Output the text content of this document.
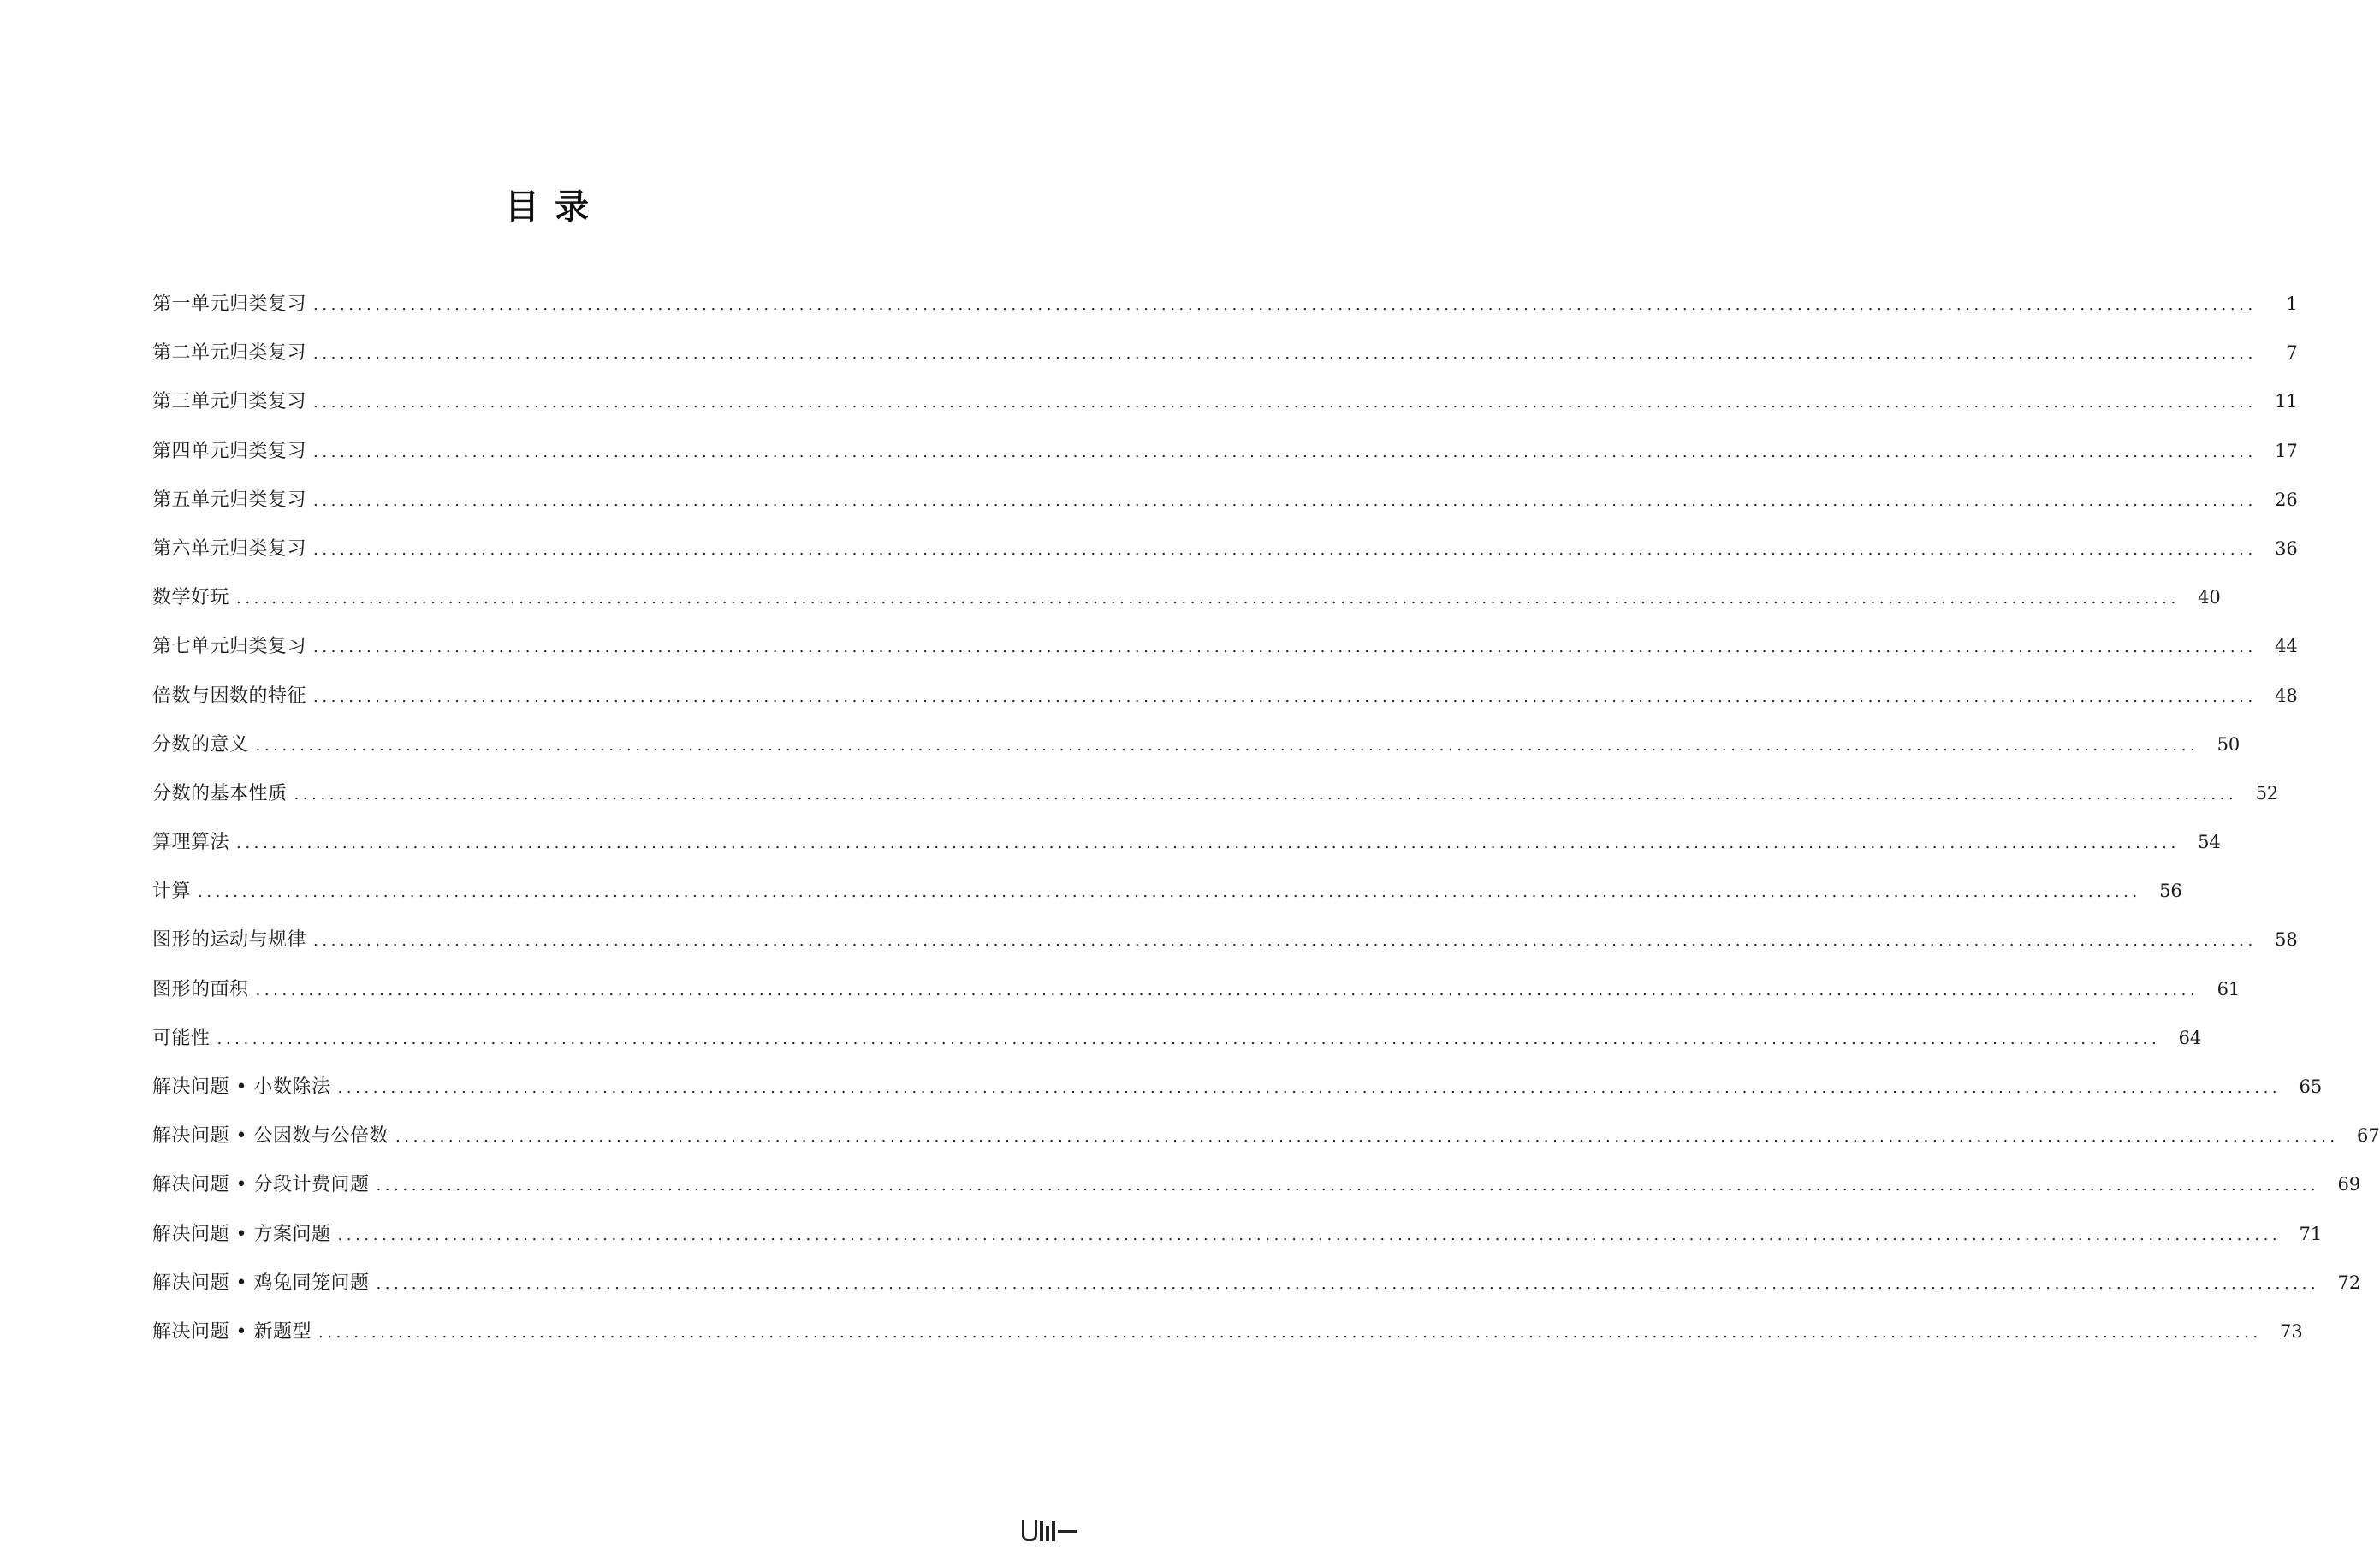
目 录
第一单元归类复习 ............................................................................................................................................................................................................................	1
第二单元归类复习 ............................................................................................................................................................................................................................	7
第三单元归类复习 ............................................................................................................................................................................................................................	11
第四单元归类复习 ............................................................................................................................................................................................................................	17
第五单元归类复习 ............................................................................................................................................................................................................................	26
第六单元归类复习 ............................................................................................................................................................................................................................	36
数学好玩 ............................................................................................................................................................................................................................	40
第七单元归类复习 ............................................................................................................................................................................................................................	44
倍数与因数的特征 ............................................................................................................................................................................................................................	48
分数的意义 ............................................................................................................................................................................................................................	50
分数的基本性质 ............................................................................................................................................................................................................................	52
算理算法 ............................................................................................................................................................................................................................	54
计算 ............................................................................................................................................................................................................................	56
图形的运动与规律 ............................................................................................................................................................................................................................	58
图形的面积 ............................................................................................................................................................................................................................	61
可能性 ............................................................................................................................................................................................................................	64
解决问题 • 小数除法 ............................................................................................................................................................................................................................	65
解决问题 • 公因数与公倍数 ............................................................................................................................................................................................................................	67
解决问题 • 分段计费问题 ............................................................................................................................................................................................................................	69
解决问题 • 方案问题 ............................................................................................................................................................................................................................	71
解决问题 • 鸡兔同笼问题 ............................................................................................................................................................................................................................	72
解决问题 • 新题型 ............................................................................................................................................................................................................................	73
